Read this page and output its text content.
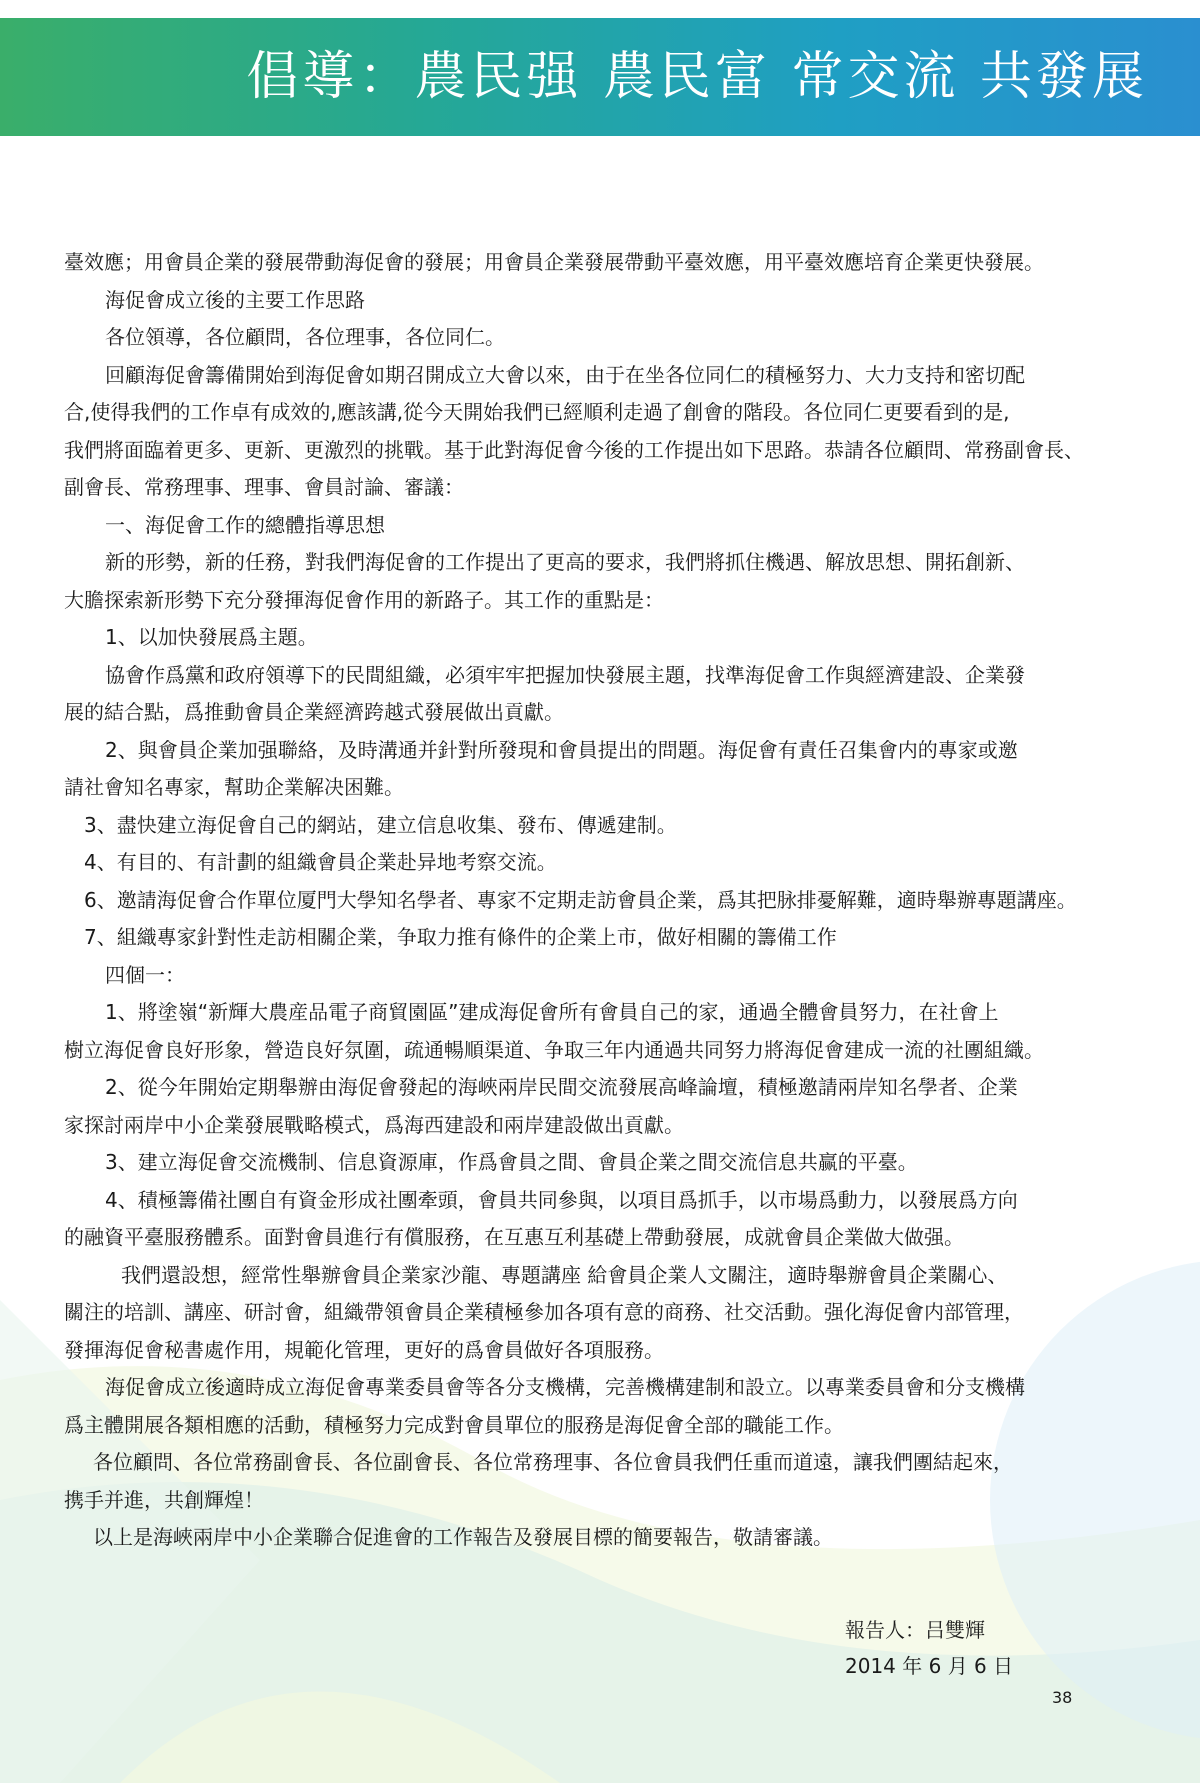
倡導：農民强 農民富 常交流 共發展

臺效應；用會員企業的發展帶動海促會的發展；用會員企業發展帶動平臺效應，用平臺效應培育企業更快發展。

海促會成立後的主要工作思路

各位領導，各位顧問，各位理事，各位同仁。

回顧海促會籌備開始到海促會如期召開成立大會以來，由于在坐各位同仁的積極努力、大力支持和密切配

合,使得我們的工作卓有成效的,應該講,從今天開始我們已經順利走過了創會的階段。各位同仁更要看到的是,

我們將面臨着更多、更新、更激烈的挑戰。基于此對海促會今後的工作提出如下思路。恭請各位顧問、常務副會長、

副會長、常務理事、理事、會員討論、審議：

一、海促會工作的總體指導思想

新的形勢，新的任務，對我們海促會的工作提出了更高的要求，我們將抓住機遇、解放思想、開拓創新、

大膽探索新形勢下充分發揮海促會作用的新路子。其工作的重點是：

1、以加快發展爲主題。

協會作爲黨和政府領導下的民間組織，必須牢牢把握加快發展主題，找準海促會工作與經濟建設、企業發

展的結合點，爲推動會員企業經濟跨越式發展做出貢獻。

2、與會員企業加强聯絡，及時溝通并針對所發現和會員提出的問題。海促會有責任召集會内的專家或邀

請社會知名專家，幫助企業解决困難。

3、盡快建立海促會自己的網站，建立信息收集、發布、傳遞建制。

4、有目的、有計劃的組織會員企業赴异地考察交流。

6、邀請海促會合作單位厦門大學知名學者、專家不定期走訪會員企業，爲其把脉排憂解難，適時舉辦專題講座。

7、組織專家針對性走訪相關企業，争取力推有條件的企業上市，做好相關的籌備工作

四個一：

1、將塗嶺“新輝大農産品電子商貿園區”建成海促會所有會員自己的家，通過全體會員努力，在社會上

樹立海促會良好形象，營造良好氛圍，疏通暢順渠道、争取三年内通過共同努力將海促會建成一流的社團組織。

2、從今年開始定期舉辦由海促會發起的海峽兩岸民間交流發展高峰論壇，積極邀請兩岸知名學者、企業

家探討兩岸中小企業發展戰略模式，爲海西建設和兩岸建設做出貢獻。

3、建立海促會交流機制、信息資源庫，作爲會員之間、會員企業之間交流信息共赢的平臺。

4、積極籌備社團自有資金形成社團牽頭，會員共同參與，以項目爲抓手，以市場爲動力，以發展爲方向

的融資平臺服務體系。面對會員進行有償服務，在互惠互利基礎上帶動發展，成就會員企業做大做强。

我們還設想，經常性舉辦會員企業家沙龍、專題講座 給會員企業人文關注，適時舉辦會員企業關心、

關注的培訓、講座、研討會，組織帶領會員企業積極參加各項有意的商務、社交活動。强化海促會内部管理，

發揮海促會秘書處作用，規範化管理，更好的爲會員做好各項服務。

海促會成立後適時成立海促會專業委員會等各分支機構，完善機構建制和設立。以專業委員會和分支機構

爲主體開展各類相應的活動，積極努力完成對會員單位的服務是海促會全部的職能工作。

各位顧問、各位常務副會長、各位副會長、各位常務理事、各位會員我們任重而道遠，讓我們團結起來，

携手并進，共創輝煌！

以上是海峽兩岸中小企業聯合促進會的工作報告及發展目標的簡要報告，敬請審議。

報告人：吕雙輝
2014 年 6 月 6 日
38
